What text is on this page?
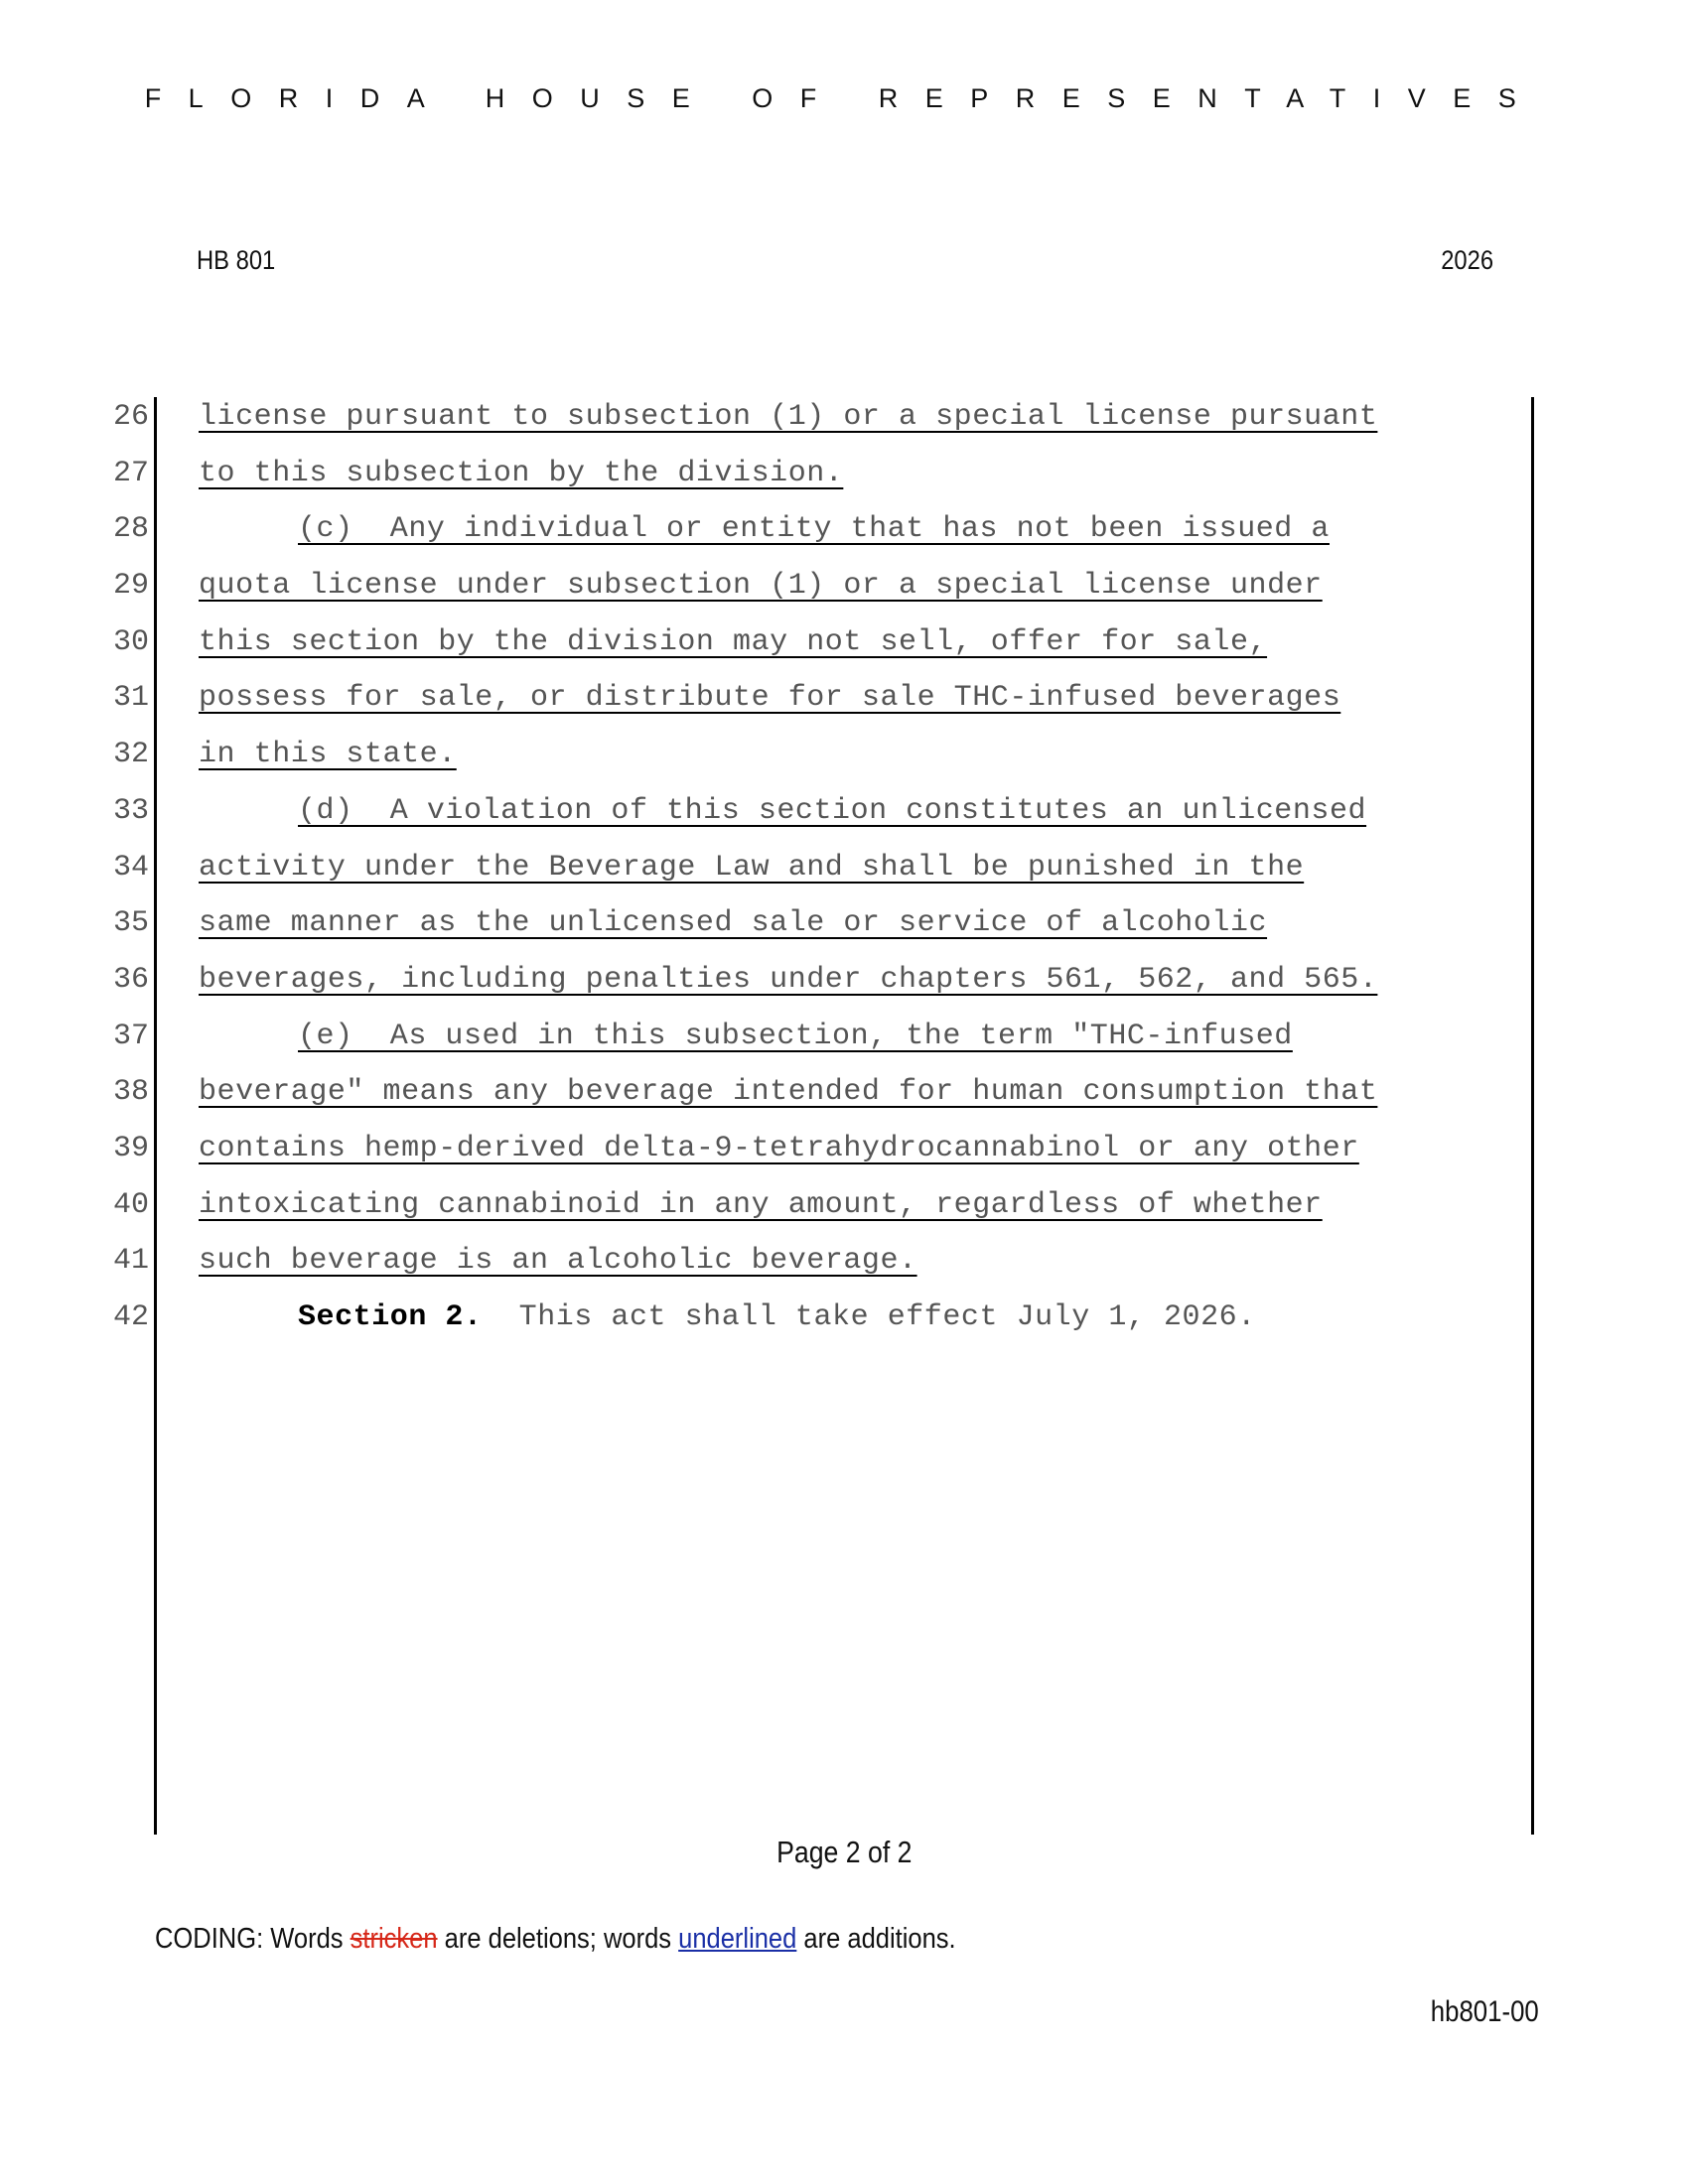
FLORIDA HOUSE OF REPRESENTATIVES
HB 801	2026
26 license pursuant to subsection (1) or a special license pursuant
27 to this subsection by the division.
28	(c)  Any individual or entity that has not been issued a
29 quota license under subsection (1) or a special license under
30 this section by the division may not sell, offer for sale,
31 possess for sale, or distribute for sale THC-infused beverages
32 in this state.
33	(d)  A violation of this section constitutes an unlicensed
34 activity under the Beverage Law and shall be punished in the
35 same manner as the unlicensed sale or service of alcoholic
36 beverages, including penalties under chapters 561, 562, and 565.
37	(e)  As used in this subsection, the term "THC-infused
38 beverage" means any beverage intended for human consumption that
39 contains hemp-derived delta-9-tetrahydrocannabinol or any other
40 intoxicating cannabinoid in any amount, regardless of whether
41 such beverage is an alcoholic beverage.
42	Section 2.  This act shall take effect July 1, 2026.
Page 2 of 2
CODING: Words stricken are deletions; words underlined are additions.
hb801-00
